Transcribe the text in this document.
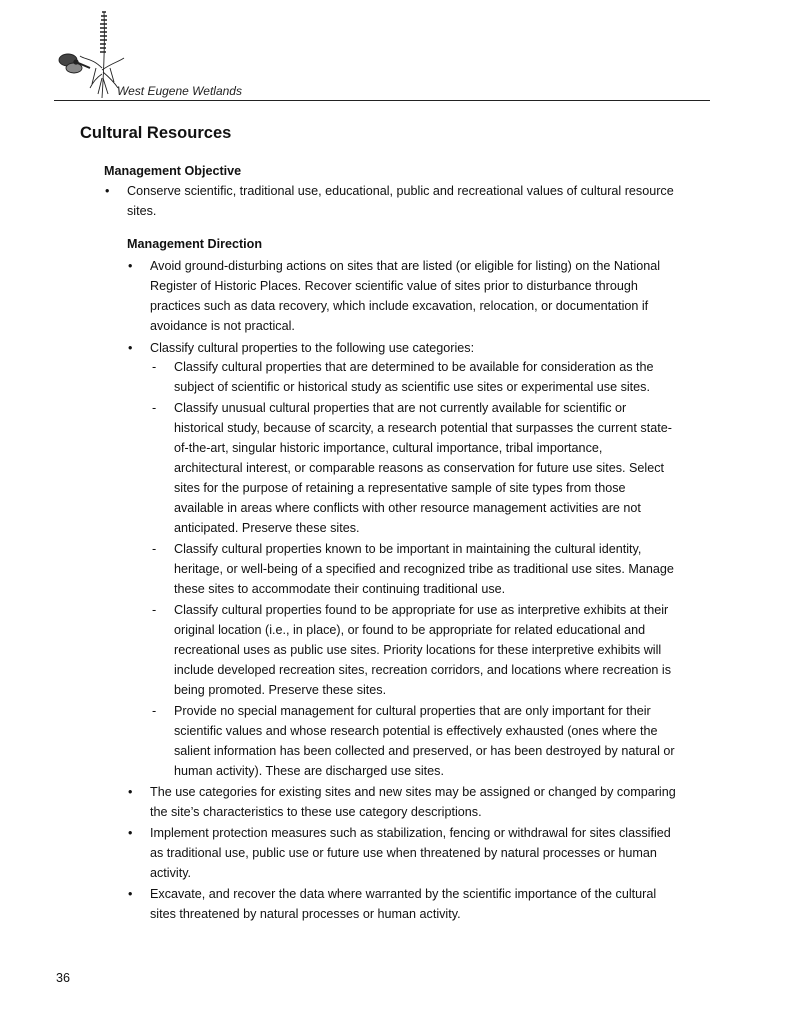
West Eugene Wetlands
Cultural Resources
Management Objective
• Conserve scientific, traditional use, educational, public and recreational values of cultural resource
sites.
Management Direction
• Avoid ground-disturbing actions on sites that are listed (or eligible for listing) on the National
Register of Historic Places. Recover scientific value of sites prior to disturbance through
practices such as data recovery, which include excavation, relocation, or documentation if
avoidance is not practical.
• Classify cultural properties to the following use categories:
- Classify cultural properties that are determined to be available for consideration as the
subject of scientific or historical study as scientific use sites or experimental use sites.
- Classify unusual cultural properties that are not currently available for scientific or
historical study, because of scarcity, a research potential that surpasses the current state-
of-the-art, singular historic importance, cultural importance, tribal importance,
architectural interest, or comparable reasons as conservation for future use sites. Select
sites for the purpose of retaining a representative sample of site types from those
available in areas where conflicts with other resource management activities are not
anticipated. Preserve these sites.
- Classify cultural properties known to be important in maintaining the cultural identity,
heritage, or well-being of a specified and recognized tribe as traditional use sites. Manage
these sites to accommodate their continuing traditional use.
- Classify cultural properties found to be appropriate for use as interpretive exhibits at their
original location (i.e., in place), or found to be appropriate for related educational and
recreational uses as public use sites. Priority locations for these interpretive exhibits will
include developed recreation sites, recreation corridors, and locations where recreation is
being promoted. Preserve these sites.
- Provide no special management for cultural properties that are only important for their
scientific values and whose research potential is effectively exhausted (ones where the
salient information has been collected and preserved, or has been destroyed by natural or
human activity). These are discharged use sites.
• The use categories for existing sites and new sites may be assigned or changed by comparing
the site’s characteristics to these use category descriptions.
• Implement protection measures such as stabilization, fencing or withdrawal for sites classified
as traditional use, public use or future use when threatened by natural processes or human
activity.
• Excavate, and recover the data where warranted by the scientific importance of the cultural
sites threatened by natural processes or human activity.
36
